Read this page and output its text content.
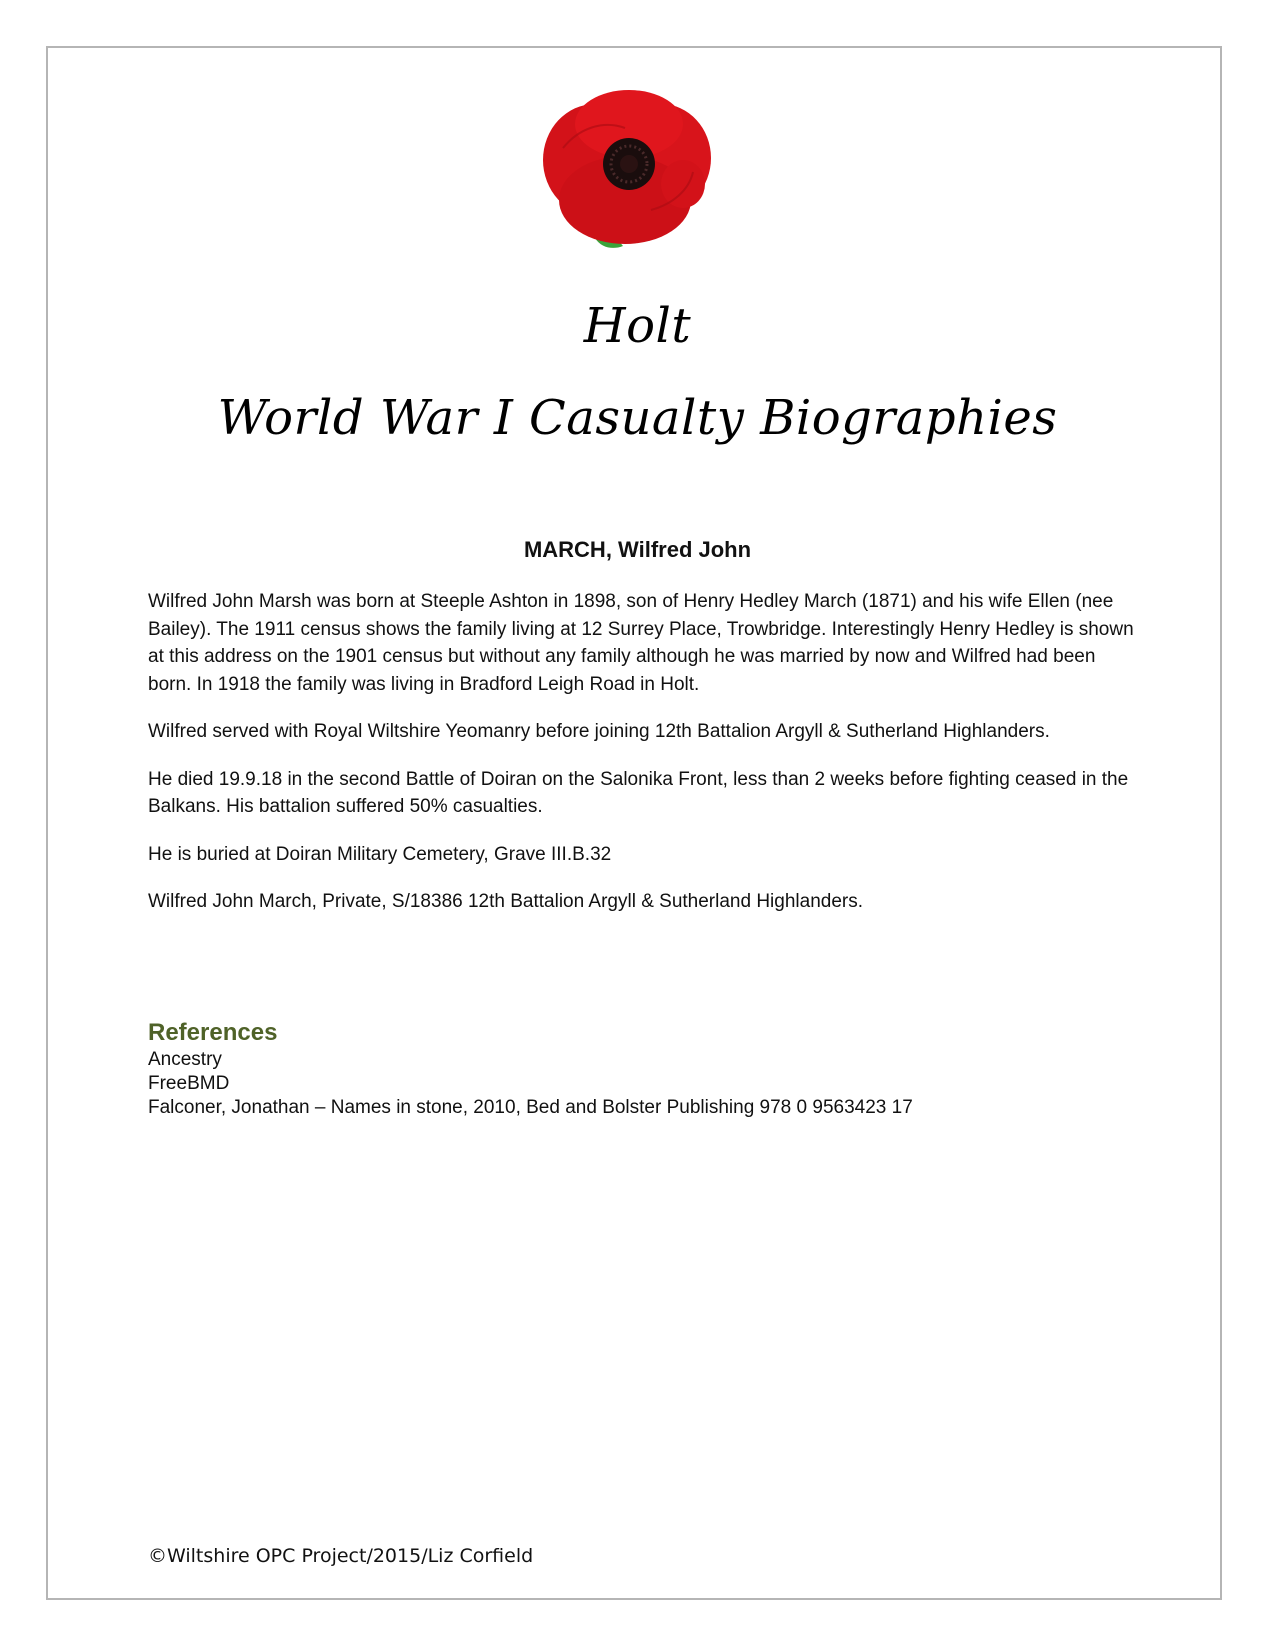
Holt
World War I Casualty Biographies
MARCH, Wilfred John

Wilfred John Marsh was born at Steeple Ashton in 1898, son of Henry Hedley March (1871) and his wife Ellen (nee Bailey). The 1911 census shows the family living at 12 Surrey Place, Trowbridge. Interestingly Henry Hedley is shown at this address on the 1901 census but without any family although he was married by now and Wilfred had been born. In 1918 the family was living in Bradford Leigh Road in Holt.

Wilfred served with Royal Wiltshire Yeomanry before joining 12th Battalion Argyll & Sutherland Highlanders.

He died 19.9.18 in the second Battle of Doiran on the Salonika Front, less than 2 weeks before fighting ceased in the Balkans. His battalion suffered 50% casualties.

He is buried at Doiran Military Cemetery, Grave III.B.32

Wilfred John March, Private, S/18386 12th Battalion Argyll & Sutherland Highlanders.

References
Ancestry
FreeBMD
Falconer, Jonathan – Names in stone, 2010, Bed and Bolster Publishing 978 0 9563423 17
©Wiltshire OPC Project/2015/Liz Corfield
